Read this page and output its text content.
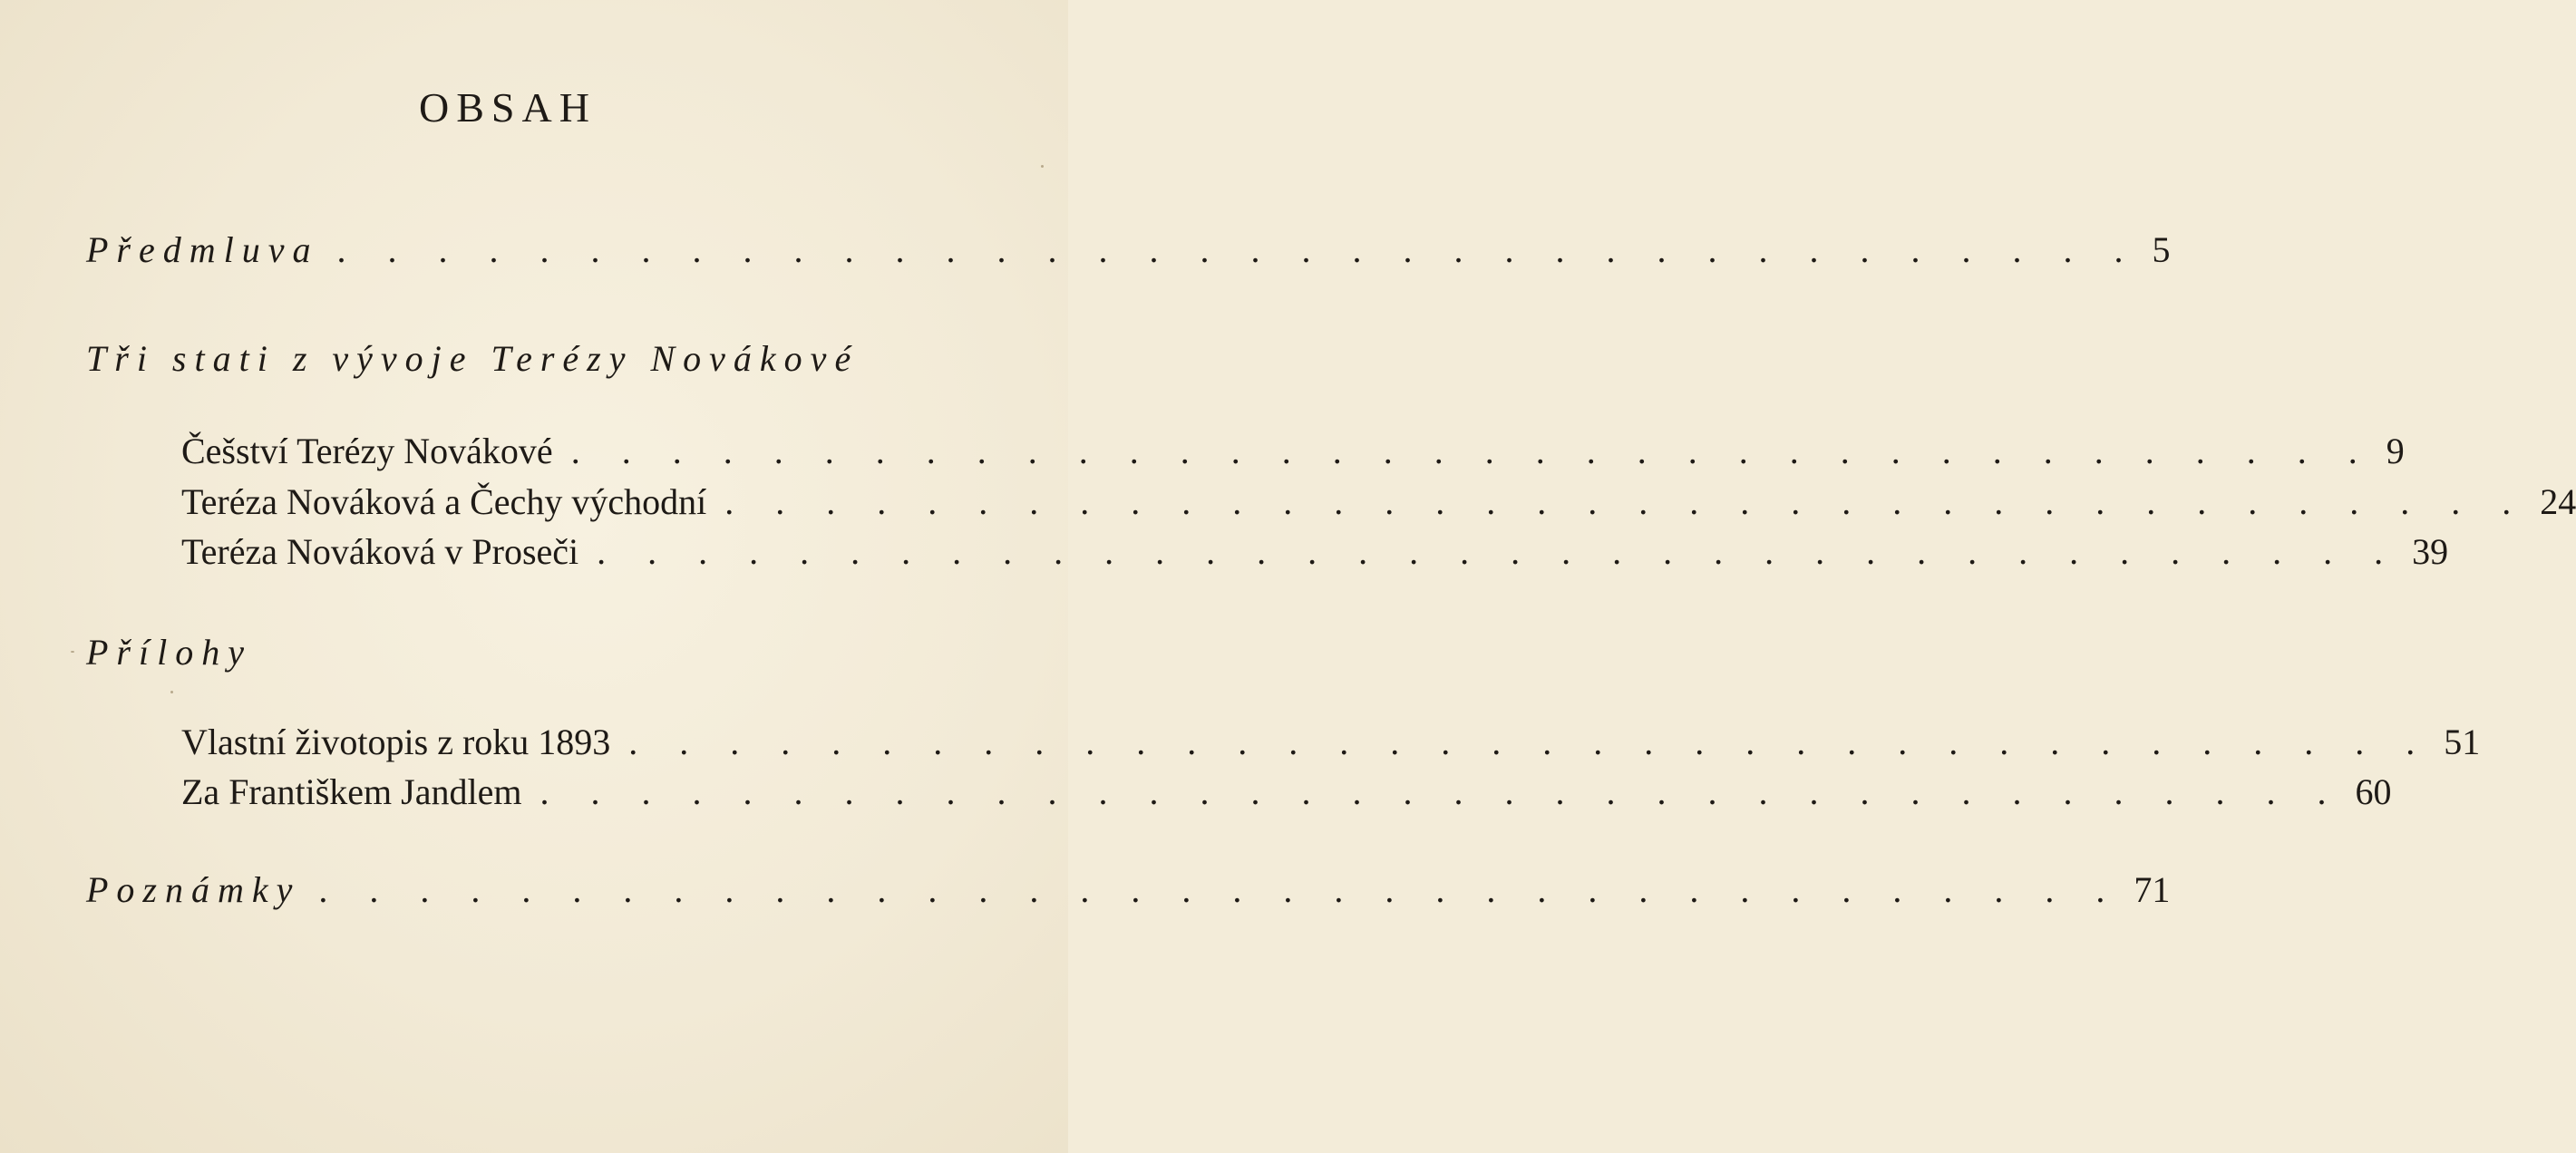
OBSAH
Předmluva . . . . . . . . . . . . . . . . . . . . . . . . . . . . . . . . . . . . 5
Tři stati z vývoje Terézy Novákové
Češství Terézy Novákové . . . . . . . . . . . . . . . . . . . . . . . . . . . . . . . . . . . . 9
Teréza Nováková a Čechy východní . . . . . . . . . . . . . . . . . . . . . . . . . . . . . . . . . . . . 24
Teréza Nováková v Proseči . . . . . . . . . . . . . . . . . . . . . . . . . . . . . . . . . . . . 39
Přílohy
Vlastní životopis z roku 1893 . . . . . . . . . . . . . . . . . . . . . . . . . . . . . . . . . . . . 51
Za Františkem Jandlem . . . . . . . . . . . . . . . . . . . . . . . . . . . . . . . . . . . . 60
Poznámky . . . . . . . . . . . . . . . . . . . . . . . . . . . . . . . . . . . . 71
